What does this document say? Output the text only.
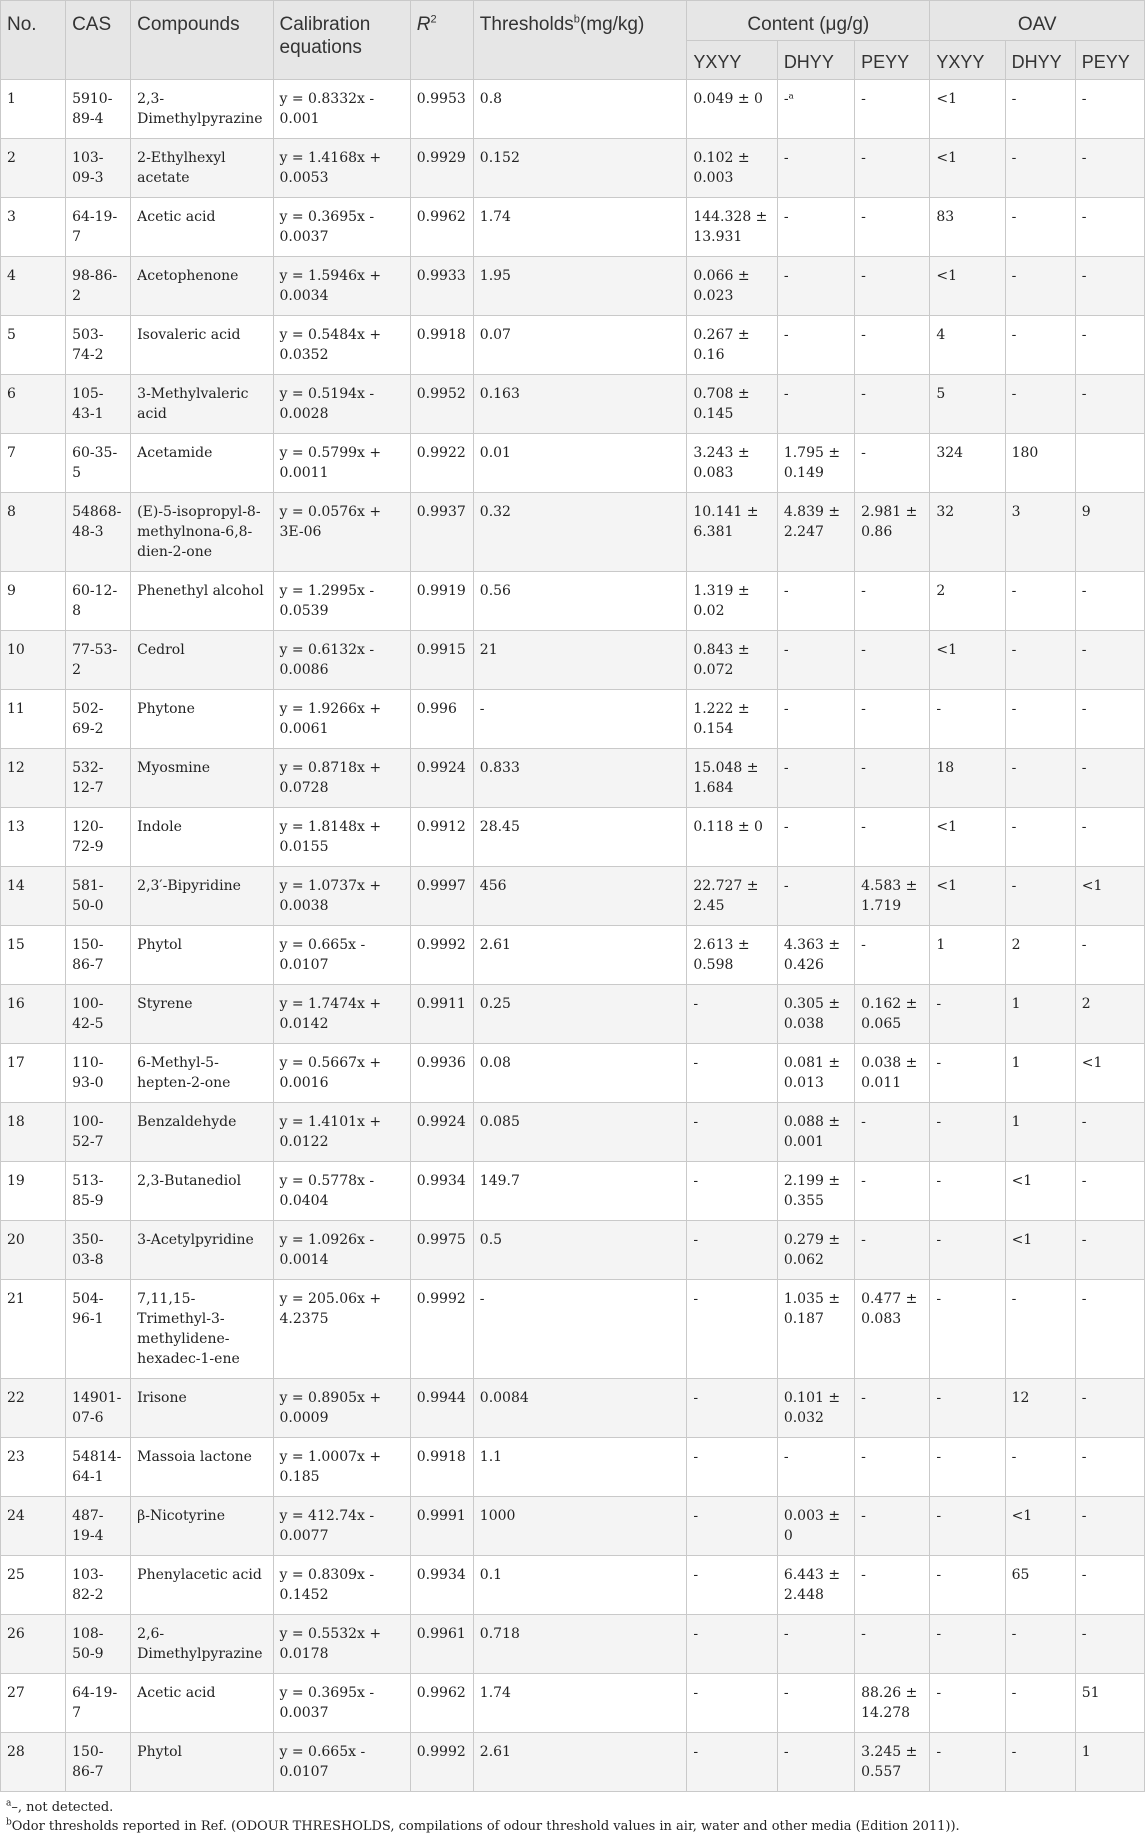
No.	CAS	Compounds	Calibration equations	$R^2$	Thresholds$^b$(mg/kg)	Content (μg/g)			OAV		
						YXYY	DHYY	PEYY	YXYY	DHYY	PEYY
1	5910-89-4	2,3-Dimethylpyrazine	y = 0.8332x - 0.001	0.9953	0.8	0.049 ± 0	-ᵃ	-	<1	-	-
2	103-09-3	2-Ethylhexyl acetate	y = 1.4168x + 0.0053	0.9929	0.152	0.102 ± 0.003	-	-	<1	-	-
3	64-19-7	Acetic acid	y = 0.3695x - 0.0037	0.9962	1.74	144.328 ± 13.931	-	-	83	-	-
4	98-86-2	Acetophenone	y = 1.5946x + 0.0034	0.9933	1.95	0.066 ± 0.023	-	-	<1	-	-
5	503-74-2	Isovaleric acid	y = 0.5484x + 0.0352	0.9918	0.07	0.267 ± 0.16	-	-	4	-	-
6	105-43-1	3-Methylvaleric acid	y = 0.5194x - 0.0028	0.9952	0.163	0.708 ± 0.145	-	-	5	-	-
7	60-35-5	Acetamide	y = 0.5799x + 0.0011	0.9922	0.01	3.243 ± 0.083	1.795 ± 0.149	-	324	180	
8	54868-48-3	(E)-5-isopropyl-8-methylnona-6,8-dien-2-one	y = 0.0576x + 3E-06	0.9937	0.32	10.141 ± 6.381	4.839 ± 2.247	2.981 ± 0.86	32	3	9
9	60-12-8	Phenethyl alcohol	y = 1.2995x - 0.0539	0.9919	0.56	1.319 ± 0.02	-	-	2	-	-
10	77-53-2	Cedrol	y = 0.6132x - 0.0086	0.9915	21	0.843 ± 0.072	-	-	<1	-	-
11	502-69-2	Phytone	y = 1.9266x + 0.0061	0.996	-	1.222 ± 0.154	-	-	-	-	-
12	532-12-7	Myosmine	y = 0.8718x + 0.0728	0.9924	0.833	15.048 ± 1.684	-	-	18	-	-
13	120-72-9	Indole	y = 1.8148x + 0.0155	0.9912	28.45	0.118 ± 0	-	-	<1	-	-
14	581-50-0	2,3′-Bipyridine	y = 1.0737x + 0.0038	0.9997	456	22.727 ± 2.45	-	4.583 ± 1.719	<1	-	<1
15	150-86-7	Phytol	y = 0.665x - 0.0107	0.9992	2.61	2.613 ± 0.598	4.363 ± 0.426	-	1	2	-
16	100-42-5	Styrene	y = 1.7474x + 0.0142	0.9911	0.25	-	0.305 ± 0.038	0.162 ± 0.065	-	1	2
17	110-93-0	6-Methyl-5-hepten-2-one	y = 0.5667x + 0.0016	0.9936	0.08	-	0.081 ± 0.013	0.038 ± 0.011	-	1	<1
18	100-52-7	Benzaldehyde	y = 1.4101x + 0.0122	0.9924	0.085	-	0.088 ± 0.001	-	-	1	-
19	513-85-9	2,3-Butanediol	y = 0.5778x - 0.0404	0.9934	149.7	-	2.199 ± 0.355	-	-	<1	-
20	350-03-8	3-Acetylpyridine	y = 1.0926x - 0.0014	0.9975	0.5	-	0.279 ± 0.062	-	-	<1	-
21	504-96-1	7,11,15-Trimethyl-3-methylidene-hexadec-1-ene	y = 205.06x + 4.2375	0.9992	-	-	1.035 ± 0.187	0.477 ± 0.083	-	-	-
22	14901-07-6	Irisone	y = 0.8905x + 0.0009	0.9944	0.0084	-	0.101 ± 0.032	-	-	12	-
23	54814-64-1	Massoia lactone	y = 1.0007x + 0.185	0.9918	1.1	-	-	-	-	-	-
24	487-19-4	β-Nicotyrine	y = 412.74x - 0.0077	0.9991	1000	-	0.003 ± 0	-	-	<1	-
25	103-82-2	Phenylacetic acid	y = 0.8309x - 0.1452	0.9934	0.1	-	6.443 ± 2.448	-	-	65	-
26	108-50-9	2,6-Dimethylpyrazine	y = 0.5532x + 0.0178	0.9961	0.718	-	-	-	-	-	-
27	64-19-7	Acetic acid	y = 0.3695x - 0.0037	0.9962	1.74	-	-	88.26 ± 14.278	-	-	51
28	150-86-7	Phytol	y = 0.665x - 0.0107	0.9992	2.61	-	-	3.245 ± 0.557	-	-	1
$^a$–, not detected.
$^b$Odor thresholds reported in Ref. (ODOUR THRESHOLDS, compilations of odour threshold values in air, water and other media (Edition 2011)).
